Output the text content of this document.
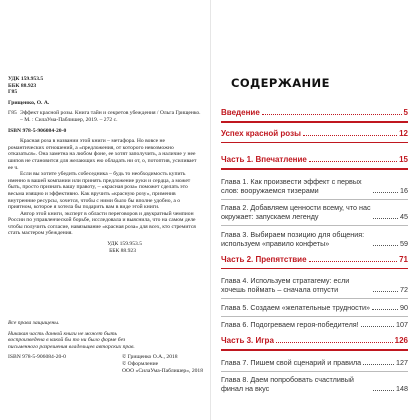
УДК 159.953.5
ББК 88.923
Г85
Грищенко, О. А.
Г85 Эффект красной розы. Книга тайн и секретов убеждения / Ольга Грищенко. – М. : СилаУма-Паблишер, 2019. – 272 с.
ISBN 978-5-906084-20-0
Красная роза в названии этой книги – метафора. Но вовсе не романтических отношений, а «предложения, от которого невозможно отказаться». Она заметна на любом фоне, ее хотят заполучить, а наличие у нее шипов не становится для желающих ею обладать ни от, о, потоптив, усиливает ее ч.
Если вы хотите убедить собеседника – будь то необходимость купить именно в вашей компании или принять предложение руки и сердца, а может быть, просто признать вашу правоту, – «красная роза» поможет сделать это весьма изящно и эффективно. Как вручить «красную розу», применив внутренние ресурсы, хочется, чтобы с ними было бы вполне удобно, а о приятном, которое я хотела бы подарить вам в виде этой книги.
Автор этой книги, эксперт в области переговоров и двукратный чемпион России по управленческой борьбе, исследовала и выяснила, что на самом деле чтобы получить согласие, навязывание «красная роза» для всех, кто стремится стать мастером убеждения.
УДК 159.953.5
ББК 88.923
Все права защищены.
Никакая часть данной книги не может быть воспроизведена в какой бы то ни было форме без письменного разрешения владельцев авторских прав.
ISBN 978-5-906084-20-0	© Грищенко О.А., 2018
© Оформление
ООО «СилаУма-Паблишер», 2018
СОДЕРЖАНИЕ
Введение	5
Успех красной розы	12
Часть 1. Впечатление	15
Глава 1. Как произвести эффект с первых слов: вооружаемся тизерами	16
Глава 2. Добавляем ценности всему, что нас окружает: запускаем легенду	45
Глава 3. Выбираем позицию для общения: используем «правило конфеты»	59
Часть 2. Препятствие	71
Глава 4. Используем стратагему: если хочешь поймать – сначала отпусти	72
Глава 5. Создаем «желательные трудности»	90
Глава 6. Подогреваем героя-победителя!	107
Часть 3. Игра	126
Глава 7. Пишем свой сценарий и правила	127
Глава 8. Даем попробовать счастливый финал на вкус	148
